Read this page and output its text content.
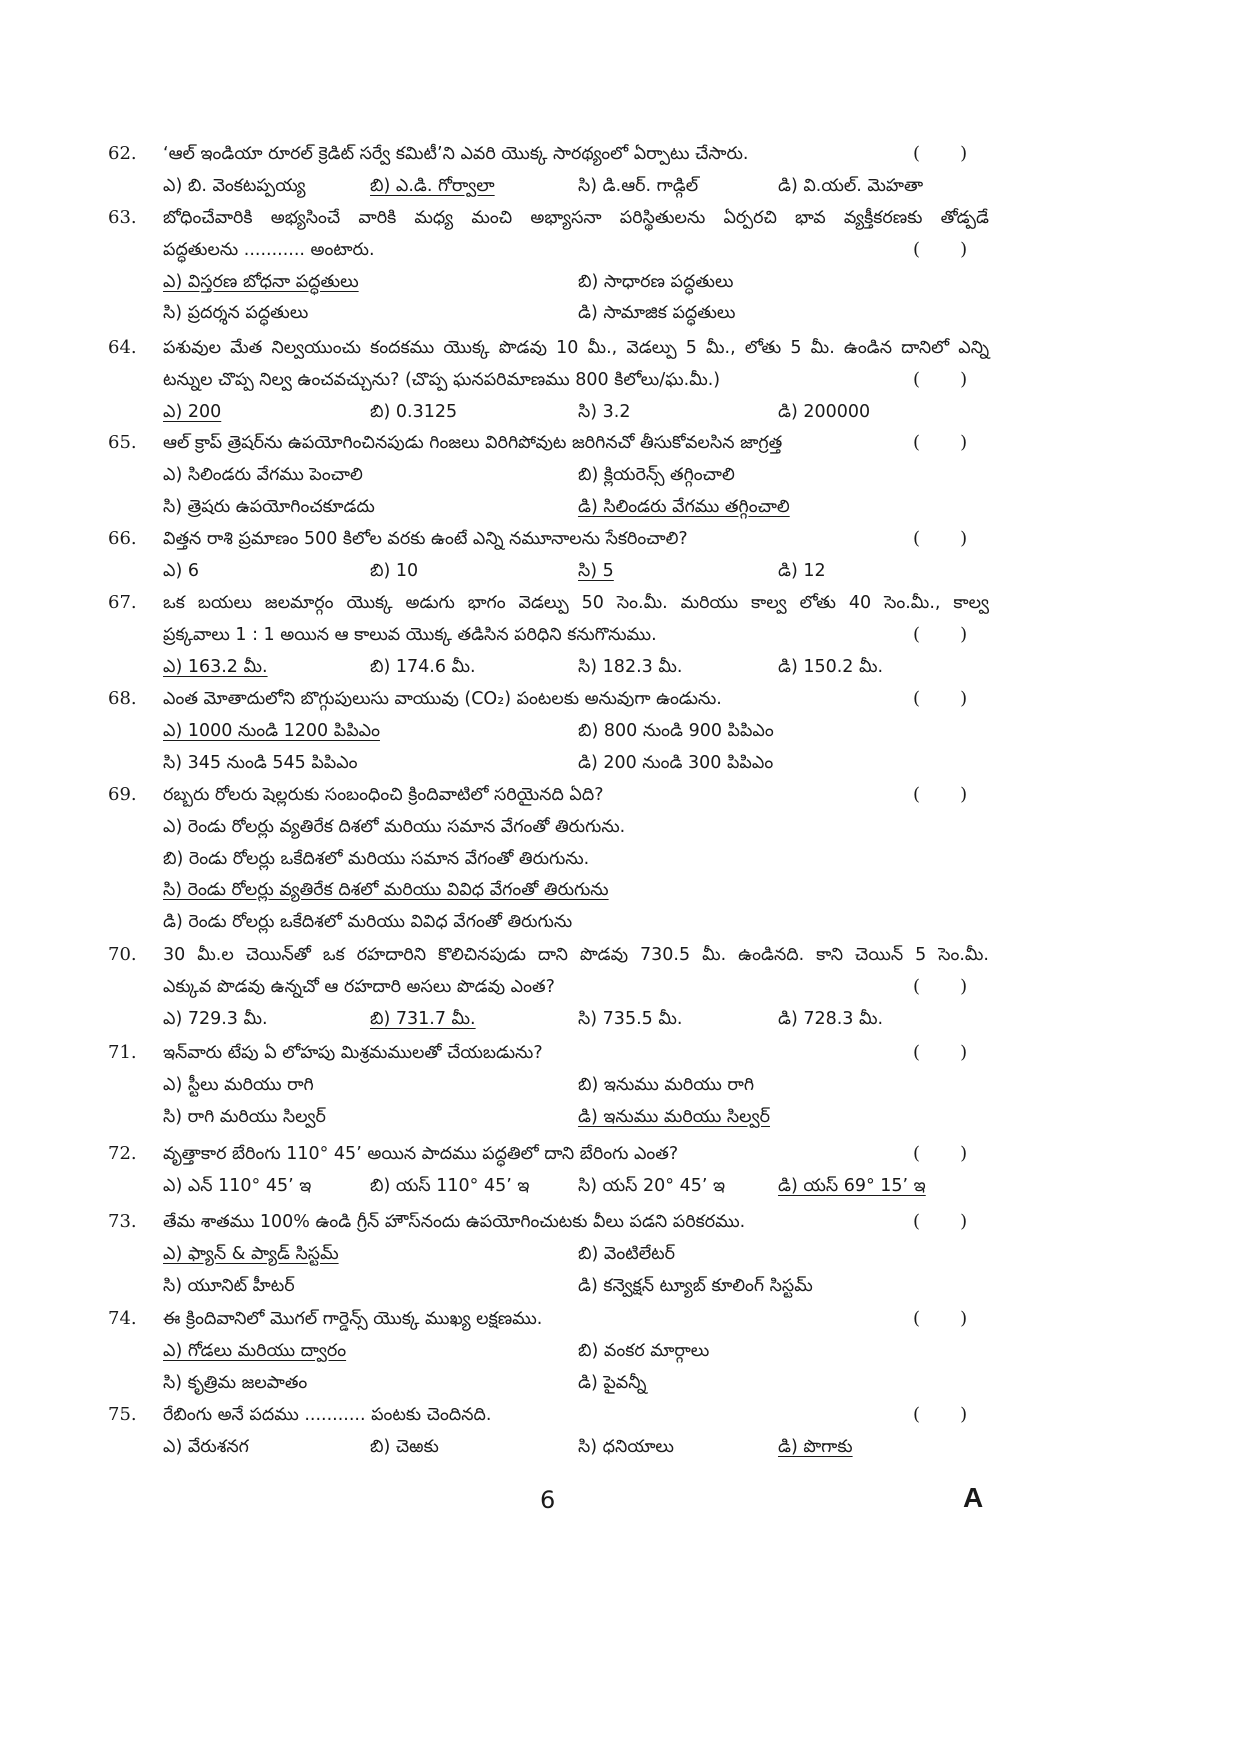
62. ‘ఆల్ ఇండియా రూరల్ క్రెడిట్ సర్వే కమిటీ’ని ఎవరి యొక్క సారథ్యంలో ఏర్పాటు చేసారు.	(       )
ఎ) బి. వెంకటప్పయ్య	బి) ఎ.డి. గోర్వాలా	సి) డి.ఆర్. గాడ్గిల్	డి) వి.యల్. మెహతా
63. బోధించేవారికి అభ్యసించే వారికి మధ్య మంచి అభ్యాసనా పరిస్థితులను ఏర్పరచి భావ వ్యక్తీకరణకు తోడ్పడే
పద్ధతులను ........... అంటారు.	(       )
ఎ) విస్తరణ బోధనా పద్ధతులు	బి) సాధారణ పద్ధతులు
సి) ప్రదర్శన పద్ధతులు	డి) సామాజిక పద్ధతులు
64. పశువుల మేత నిల్వయుంచు కందకము యొక్క పొడవు 10 మీ., వెడల్పు 5 మీ., లోతు 5 మీ. ఉండిన దానిలో ఎన్ని
టన్నుల చొప్ప నిల్వ ఉంచవచ్చును? (చొప్ప ఘనపరిమాణము 800 కిలోలు/ఘ.మీ.)	(       )
ఎ) 200	బి) 0.3125	సి) 3.2	డి) 200000
65. ఆల్ క్రాప్ త్రెషర్‌ను ఉపయోగించినపుడు గింజలు విరిగిపోవుట జరిగినచో తీసుకోవలసిన జాగ్రత్త	(       )
ఎ) సిలిండరు వేగము పెంచాలి	బి) క్లియరెన్స్ తగ్గించాలి
సి) త్రెషరు ఉపయోగించకూడదు	డి) సిలిండరు వేగము తగ్గించాలి
66. విత్తన రాశి ప్రమాణం 500 కిలోల వరకు ఉంటే ఎన్ని నమూనాలను సేకరించాలి?	(       )
ఎ) 6	బి) 10	సి) 5	డి) 12
67. ఒక బయలు జలమార్గం యొక్క అడుగు భాగం వెడల్పు 50 సెం.మీ. మరియు కాల్వ లోతు 40 సెం.మీ., కాల్వ
ప్రక్కవాలు 1 : 1 అయిన ఆ కాలువ యొక్క తడిసిన పరిధిని కనుగొనుము.	(       )
ఎ) 163.2 మీ.	బి) 174.6 మీ.	సి) 182.3 మీ.	డి) 150.2 మీ.
68. ఎంత మోతాదులోని బొగ్గుపులుసు వాయువు (CO₂) పంటలకు అనువుగా ఉండును.	(       )
ఎ) 1000 నుండి 1200 పిపిఎం	బి) 800 నుండి 900 పిపిఎం
సి) 345 నుండి 545 పిపిఎం	డి) 200 నుండి 300 పిపిఎం
69. రబ్బరు రోలరు షెల్లరుకు సంబంధించి క్రిందివాటిలో సరియైనది ఏది?	(       )
ఎ) రెండు రోలర్లు వ్యతిరేక దిశలో మరియు సమాన వేగంతో తిరుగును.
బి) రెండు రోలర్లు ఒకేదిశలో మరియు సమాన వేగంతో తిరుగును.
సి) రెండు రోలర్లు వ్యతిరేక దిశలో మరియు వివిధ వేగంతో తిరుగును
డి) రెండు రోలర్లు ఒకేదిశలో మరియు వివిధ వేగంతో తిరుగును
70. 30 మీ.ల చెయిన్‌తో ఒక రహదారిని కొలిచినపుడు దాని పొడవు 730.5 మీ. ఉండినది. కాని చెయిన్ 5 సెం.మీ.
ఎక్కువ పొడవు ఉన్నచో ఆ రహదారి అసలు పొడవు ఎంత?	(       )
ఎ) 729.3 మీ.	బి) 731.7 మీ.	సి) 735.5 మీ.	డి) 728.3 మీ.
71. ఇన్‌వారు టేపు ఏ లోహపు మిశ్రమములతో చేయబడును?	(       )
ఎ) స్టీలు మరియు రాగి	బి) ఇనుము మరియు రాగి
సి) రాగి మరియు సిల్వర్	డి) ఇనుము మరియు సిల్వర్
72. వృత్తాకార బేరింగు 110° 45’ అయిన పాదము పద్ధతిలో దాని బేరింగు ఎంత?	(       )
ఎ) ఎన్ 110° 45’ ఇ	బి) యస్ 110° 45’ ఇ	సి) యస్ 20° 45’ ఇ	డి) యస్ 69° 15’ ఇ
73. తేమ శాతము 100% ఉండి గ్రీన్ హౌస్‌నందు ఉపయోగించుటకు వీలు పడని పరికరము.	(       )
ఎ) ఫ్యాన్ & ప్యాడ్ సిస్టమ్	బి) వెంటిలేటర్
సి) యూనిట్ హీటర్	డి) కన్వెక్షన్ ట్యూబ్ కూలింగ్ సిస్టమ్
74. ఈ క్రిందివానిలో మొగల్ గార్డెన్స్ యొక్క ముఖ్య లక్షణము.	(       )
ఎ) గోడలు మరియు ద్వారం	బి) వంకర మార్గాలు
సి) కృత్రిమ జలపాతం	డి) పైవన్నీ
75. రేబింగు అనే పదము ........... పంటకు చెందినది.	(       )
ఎ) వేరుశనగ	బి) చెఱకు	సి) ధనియాలు	డి) పొగాకు
6	A
